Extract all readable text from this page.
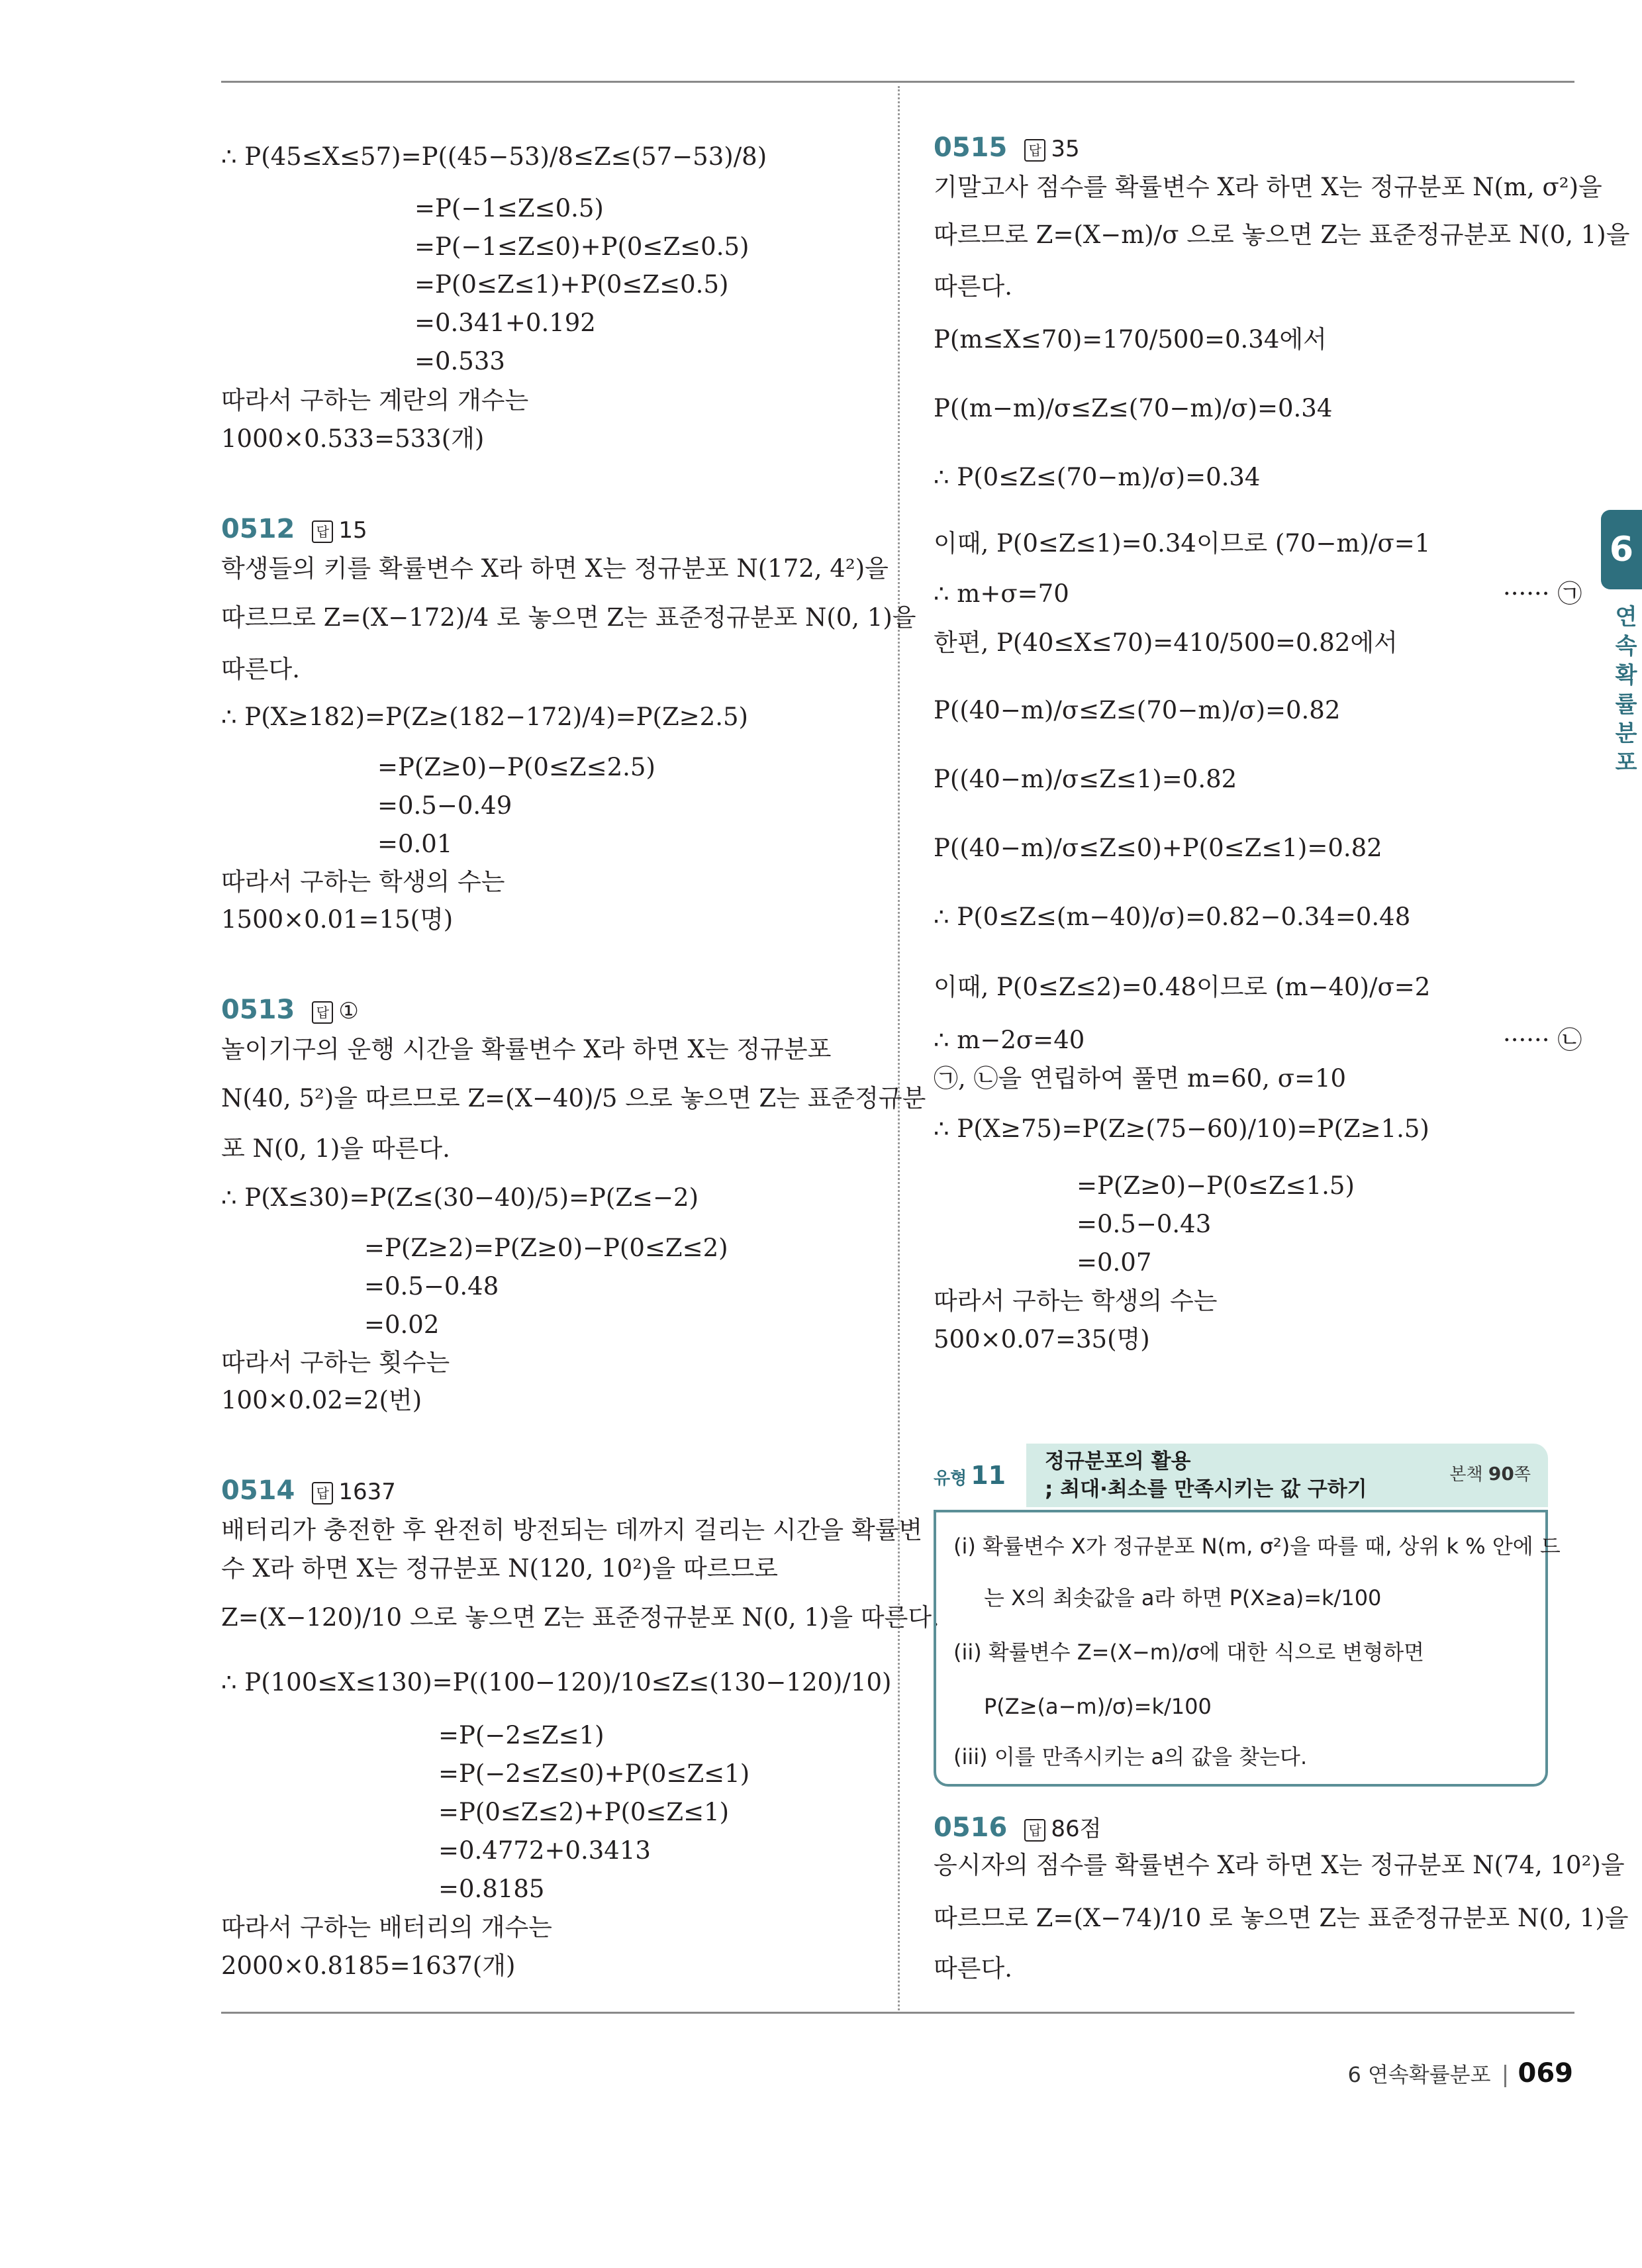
∴ P(45≤X≤57)=P((45−53)/8≤Z≤(57−53)/8)
=P(−1≤Z≤0.5)
=P(−1≤Z≤0)+P(0≤Z≤0.5)
=P(0≤Z≤1)+P(0≤Z≤0.5)
=0.341+0.192
=0.533
따라서 구하는 계란의 개수는
1000×0.533=533(개)
0512 답 15
학생들의 키를 확률변수 X라 하면 X는 정규분포 N(172, 4²)을
따르므로 Z=(X−172)/4 로 놓으면 Z는 표준정규분포 N(0, 1)을
따른다.
∴ P(X≥182)=P(Z≥(182−172)/4)=P(Z≥2.5)
=P(Z≥0)−P(0≤Z≤2.5)
=0.5−0.49
=0.01
따라서 구하는 학생의 수는
1500×0.01=15(명)
0513 답 ①
놀이기구의 운행 시간을 확률변수 X라 하면 X는 정규분포
N(40, 5²)을 따르므로 Z=(X−40)/5 으로 놓으면 Z는 표준정규분
포 N(0, 1)을 따른다.
∴ P(X≤30)=P(Z≤(30−40)/5)=P(Z≤−2)
=P(Z≥2)=P(Z≥0)−P(0≤Z≤2)
=0.5−0.48
=0.02
따라서 구하는 횟수는
100×0.02=2(번)
0514 답 1637
배터리가 충전한 후 완전히 방전되는 데까지 걸리는 시간을 확률변
수 X라 하면 X는 정규분포 N(120, 10²)을 따르므로
Z=(X−120)/10 으로 놓으면 Z는 표준정규분포 N(0, 1)을 따른다.
∴ P(100≤X≤130)=P((100−120)/10≤Z≤(130−120)/10)
=P(−2≤Z≤1)
=P(−2≤Z≤0)+P(0≤Z≤1)
=P(0≤Z≤2)+P(0≤Z≤1)
=0.4772+0.3413
=0.8185
따라서 구하는 배터리의 개수는
2000×0.8185=1637(개)
0515 답 35
기말고사 점수를 확률변수 X라 하면 X는 정규분포 N(m, σ²)을
따르므로 Z=(X−m)/σ 으로 놓으면 Z는 표준정규분포 N(0, 1)을
따른다.
P(m≤X≤70)=170/500=0.34에서
P((m−m)/σ≤Z≤(70−m)/σ)=0.34
∴ P(0≤Z≤(70−m)/σ)=0.34
이때, P(0≤Z≤1)=0.34이므로 (70−m)/σ=1
∴ m+σ=70	······ ㉠
한편, P(40≤X≤70)=410/500=0.82에서
P((40−m)/σ≤Z≤(70−m)/σ)=0.82
P((40−m)/σ≤Z≤1)=0.82
P((40−m)/σ≤Z≤0)+P(0≤Z≤1)=0.82
∴ P(0≤Z≤(m−40)/σ)=0.82−0.34=0.48
이때, P(0≤Z≤2)=0.48이므로 (m−40)/σ=2
∴ m−2σ=40	······ ㉡
㉠, ㉡을 연립하여 풀면 m=60, σ=10
∴ P(X≥75)=P(Z≥(75−60)/10)=P(Z≥1.5)
=P(Z≥0)−P(0≤Z≤1.5)
=0.5−0.43
=0.07
따라서 구하는 학생의 수는
500×0.07=35(명)
유형 11 정규분포의 활용
; 최대·최소를 만족시키는 값 구하기
본책 90쪽
(i) 확률변수 X가 정규분포 N(m, σ²)을 따를 때, 상위 k % 안에 드
는 X의 최솟값을 a라 하면 P(X≥a)=k/100
(ii) 확률변수 Z=(X−m)/σ에 대한 식으로 변형하면
P(Z≥(a−m)/σ)=k/100
(iii) 이를 만족시키는 a의 값을 찾는다.
0516 답 86점
응시자의 점수를 확률변수 X라 하면 X는 정규분포 N(74, 10²)을
따르므로 Z=(X−74)/10 로 놓으면 Z는 표준정규분포 N(0, 1)을
따른다.
6
연속확률분포
6 연속확률분포 069
